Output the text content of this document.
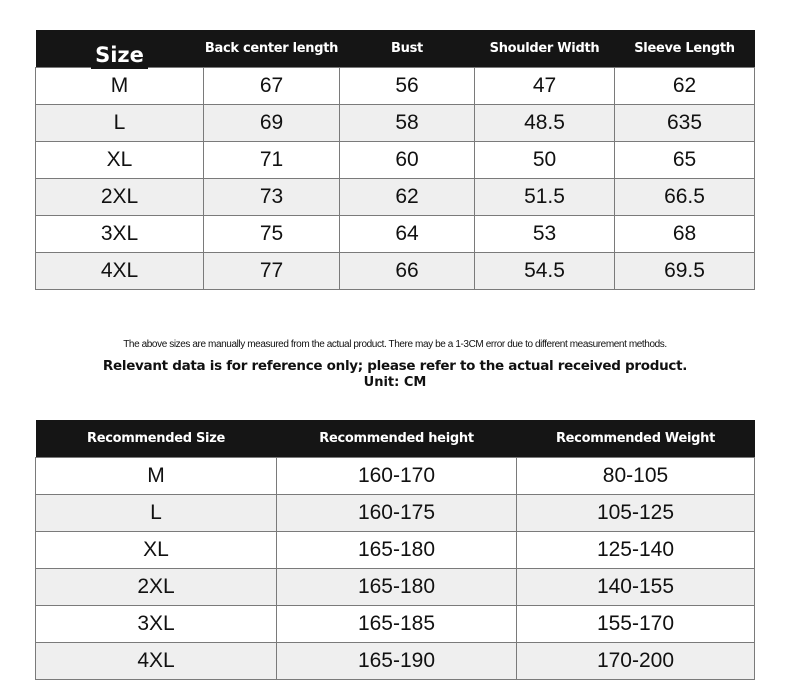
Size	Back center length	Bust	Shoulder Width	Sleeve Length
M	67	56	47	62
L	69	58	48.5	635
XL	71	60	50	65
2XL	73	62	51.5	66.5
3XL	75	64	53	68
4XL	77	66	54.5	69.5

The above sizes are manually measured from the actual product. There may be a 1-3CM error due to different measurement methods.

Relevant data is for reference only; please refer to the actual received product.

Unit: CM

Recommended Size	Recommended height	Recommended Weight
M	160-170	80-105
L	160-175	105-125
XL	165-180	125-140
2XL	165-180	140-155
3XL	165-185	155-170
4XL	165-190	170-200
